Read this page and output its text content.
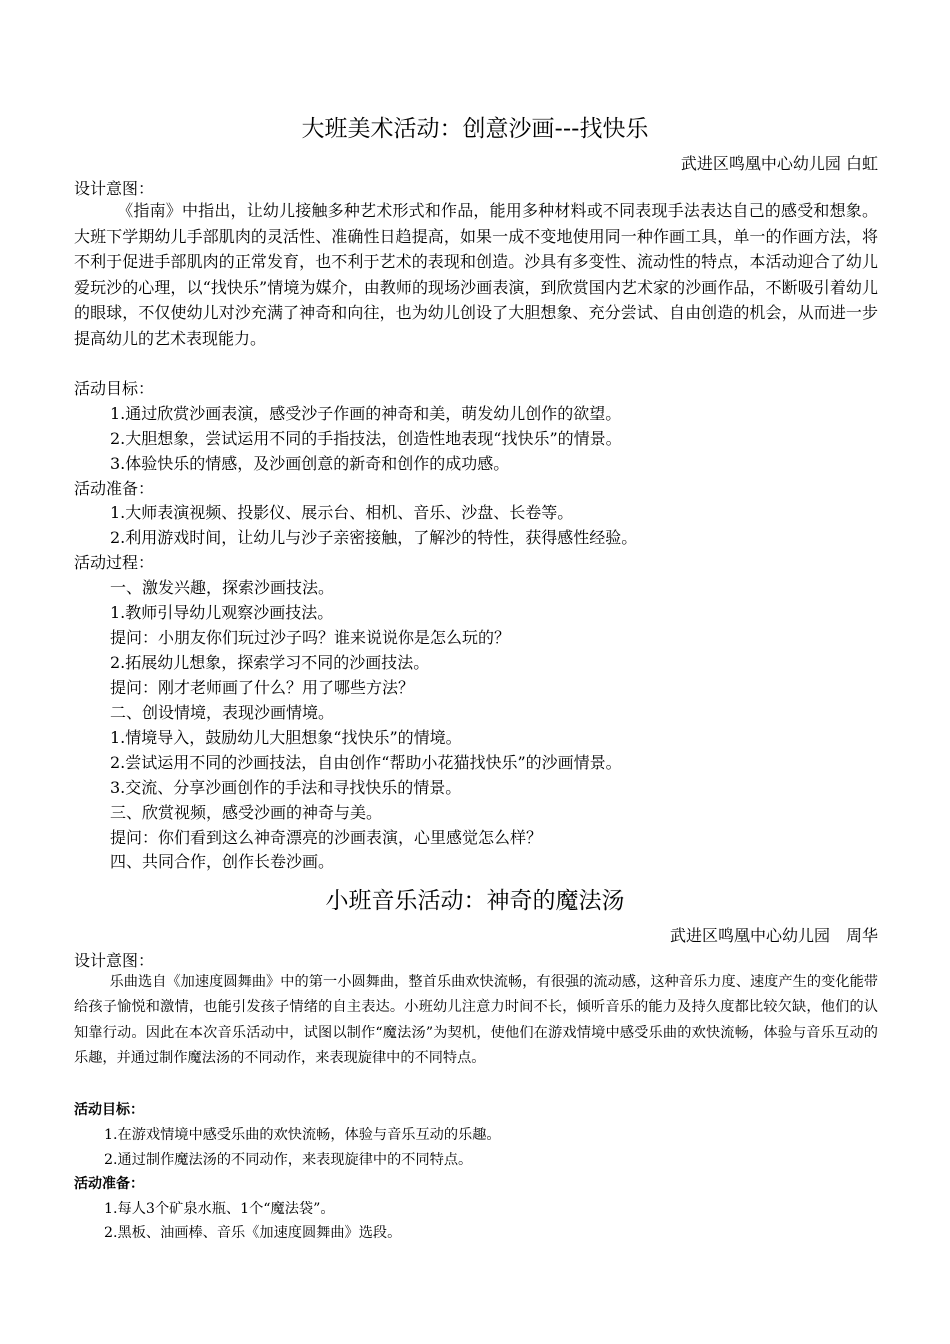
大班美术活动：创意沙画---找快乐
武进区鸣凰中心幼儿园 白虹
设计意图：
《指南》中指出，让幼儿接触多种艺术形式和作品，能用多种材料或不同表现手法表达自己的感受和想象。大班下学期幼儿手部肌肉的灵活性、准确性日趋提高，如果一成不变地使用同一种作画工具，单一的作画方法，将不利于促进手部肌肉的正常发育，也不利于艺术的表现和创造。沙具有多变性、流动性的特点，本活动迎合了幼儿爱玩沙的心理，以“找快乐”情境为媒介，由教师的现场沙画表演，到欣赏国内艺术家的沙画作品，不断吸引着幼儿的眼球，不仅使幼儿对沙充满了神奇和向往，也为幼儿创设了大胆想象、充分尝试、自由创造的机会，从而进一步提高幼儿的艺术表现能力。
活动目标：
1.通过欣赏沙画表演，感受沙子作画的神奇和美，萌发幼儿创作的欲望。
2.大胆想象，尝试运用不同的手指技法，创造性地表现“找快乐”的情景。
3.体验快乐的情感，及沙画创意的新奇和创作的成功感。
活动准备：
1.大师表演视频、投影仪、展示台、相机、音乐、沙盘、长卷等。
2.利用游戏时间，让幼儿与沙子亲密接触，了解沙的特性，获得感性经验。
活动过程：
一、激发兴趣，探索沙画技法。
1.教师引导幼儿观察沙画技法。
提问：小朋友你们玩过沙子吗？谁来说说你是怎么玩的？
2.拓展幼儿想象，探索学习不同的沙画技法。
提问：刚才老师画了什么？用了哪些方法？
二、创设情境，表现沙画情境。
1.情境导入，鼓励幼儿大胆想象“找快乐”的情境。
2.尝试运用不同的沙画技法，自由创作“帮助小花猫找快乐”的沙画情景。
3.交流、分享沙画创作的手法和寻找快乐的情景。
三、欣赏视频，感受沙画的神奇与美。
提问：你们看到这么神奇漂亮的沙画表演，心里感觉怎么样？
四、共同合作，创作长卷沙画。
小班音乐活动：神奇的魔法汤
武进区鸣凰中心幼儿园　周华
设计意图：
乐曲选自《加速度圆舞曲》中的第一小圆舞曲，整首乐曲欢快流畅，有很强的流动感，这种音乐力度、速度产生的变化能带给孩子愉悦和激情，也能引发孩子情绪的自主表达。小班幼儿注意力时间不长，倾听音乐的能力及持久度都比较欠缺，他们的认知靠行动。因此在本次音乐活动中，试图以制作“魔法汤”为契机，使他们在游戏情境中感受乐曲的欢快流畅，体验与音乐互动的乐趣，并通过制作魔法汤的不同动作，来表现旋律中的不同特点。
活动目标：
1.在游戏情境中感受乐曲的欢快流畅，体验与音乐互动的乐趣。
2.通过制作魔法汤的不同动作，来表现旋律中的不同特点。
活动准备：
1.每人3个矿泉水瓶、1个“魔法袋”。
2.黑板、油画棒、音乐《加速度圆舞曲》选段。
